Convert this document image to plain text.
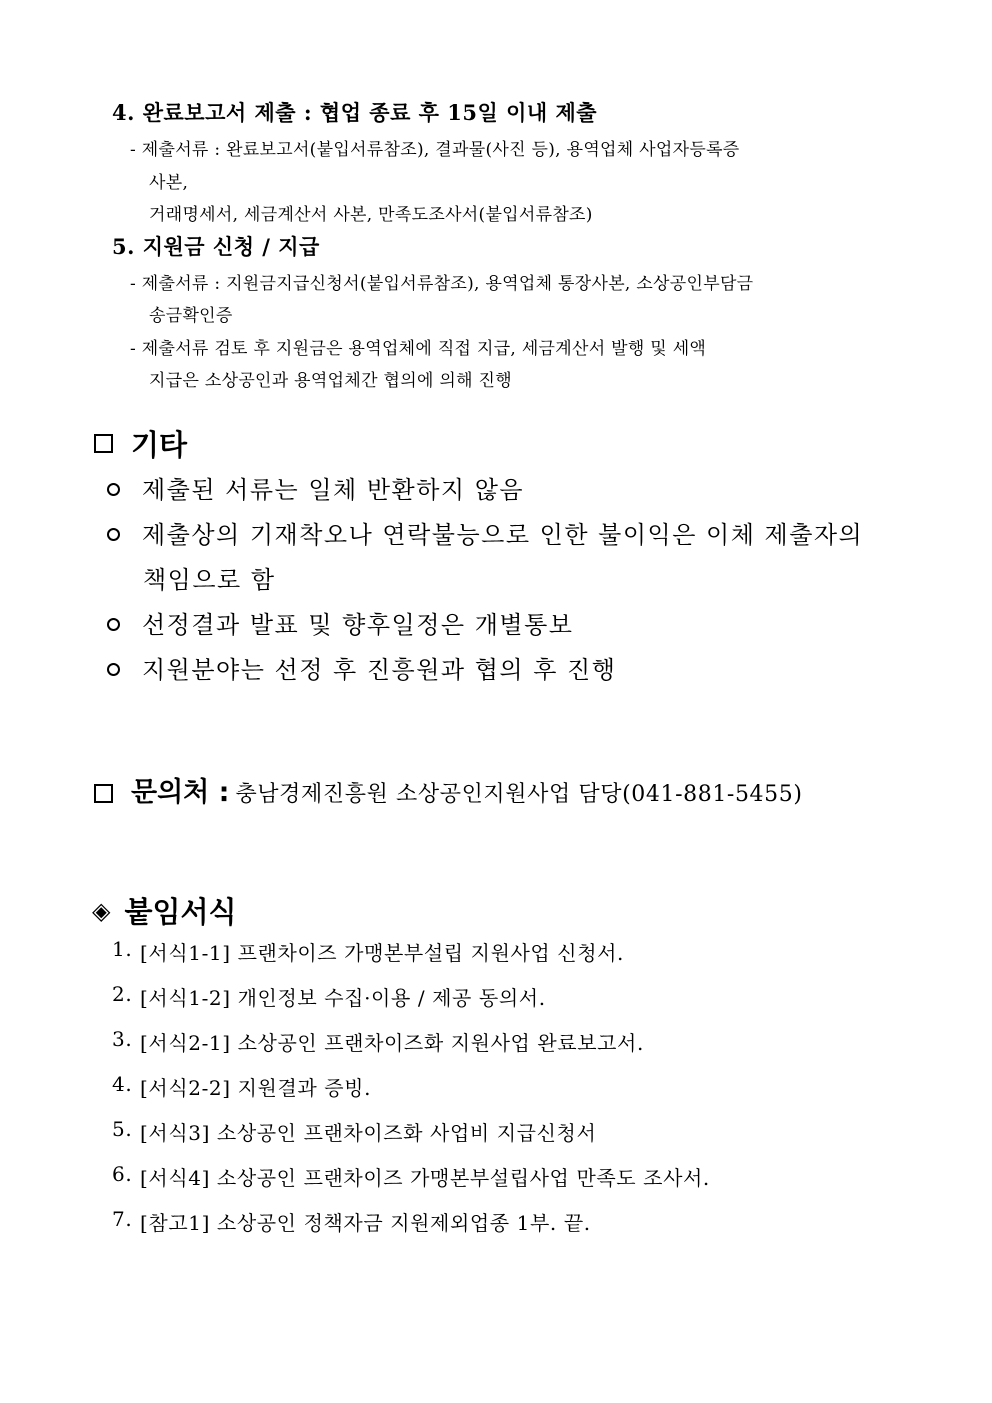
4. 완료보고서 제출 : 협업 종료 후 15일 이내 제출
- 제출서류 : 완료보고서(붙입서류참조), 결과물(사진 등), 용역업체 사업자등록증
사본,
거래명세서, 세금계산서 사본, 만족도조사서(붙입서류참조)
5. 지원금 신청 / 지급
- 제출서류 : 지원금지급신청서(붙입서류참조), 용역업체 통장사본, 소상공인부담금
송금확인증
- 제출서류 검토 후 지원금은 용역업체에 직접 지급, 세금계산서 발행 및 세액
지급은 소상공인과 용역업체간 협의에 의해 진행
기타
제출된 서류는 일체 반환하지 않음
제출상의 기재착오나 연락불능으로 인한 불이익은 이체 제출자의
책임으로 함
선정결과 발표 및 향후일정은 개별통보
지원분야는 선정 후 진흥원과 협의 후 진행
문의처 : 충남경제진흥원 소상공인지원사업 담당(041-881-5455)
◈ 붙임서식
1. [서식1-1] 프랜차이즈 가맹본부설립 지원사업 신청서.
2. [서식1-2] 개인정보 수집·이용 / 제공 동의서.
3. [서식2-1] 소상공인 프랜차이즈화 지원사업 완료보고서.
4. [서식2-2] 지원결과 증빙.
5. [서식3] 소상공인 프랜차이즈화 사업비 지급신청서
6. [서식4] 소상공인 프랜차이즈 가맹본부설립사업 만족도 조사서.
7. [참고1] 소상공인 정책자금 지원제외업종 1부. 끝.
